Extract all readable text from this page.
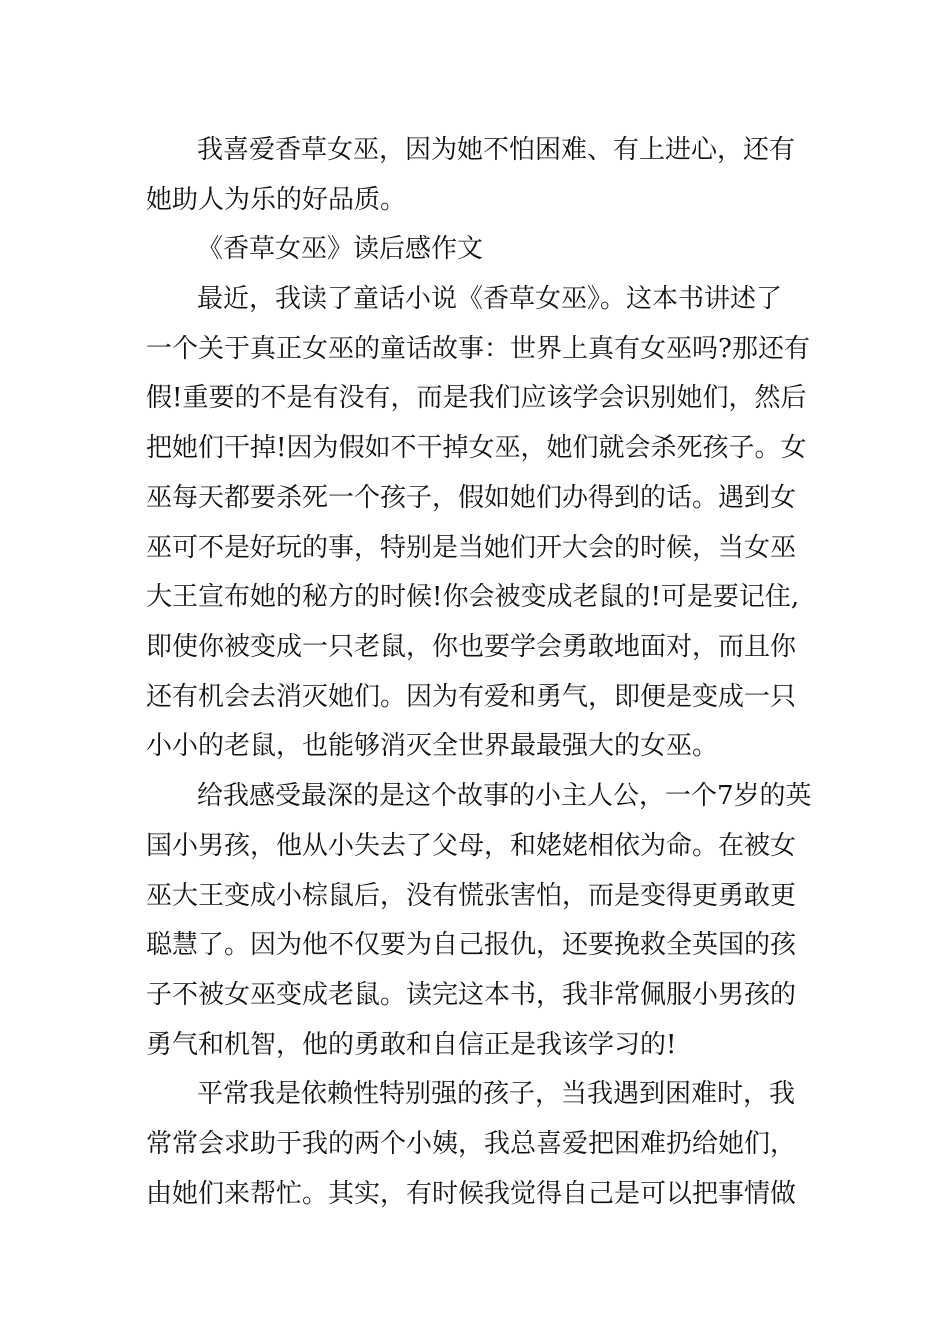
我喜爱香草女巫，因为她不怕困难、有上进心，还有

她助人为乐的好品质。

《香草女巫》读后感作文

最近，我读了童话小说《香草女巫》。这本书讲述了

一个关于真正女巫的童话故事：世界上真有女巫吗?那还有

假!重要的不是有没有，而是我们应该学会识别她们，然后

把她们干掉!因为假如不干掉女巫，她们就会杀死孩子。女

巫每天都要杀死一个孩子，假如她们办得到的话。遇到女

巫可不是好玩的事，特别是当她们开大会的时候，当女巫

大王宣布她的秘方的时候!你会被变成老鼠的!可是要记住,

即使你被变成一只老鼠，你也要学会勇敢地面对，而且你

还有机会去消灭她们。因为有爱和勇气，即便是变成一只

小小的老鼠，也能够消灭全世界最最强大的女巫。

给我感受最深的是这个故事的小主人公，一个7岁的英

国小男孩，他从小失去了父母，和姥姥相依为命。在被女

巫大王变成小棕鼠后，没有慌张害怕，而是变得更勇敢更

聪慧了。因为他不仅要为自己报仇，还要挽救全英国的孩

子不被女巫变成老鼠。读完这本书，我非常佩服小男孩的

勇气和机智，他的勇敢和自信正是我该学习的!

平常我是依赖性特别强的孩子，当我遇到困难时，我

常常会求助于我的两个小姨，我总喜爱把困难扔给她们，

由她们来帮忙。其实，有时候我觉得自己是可以把事情做
